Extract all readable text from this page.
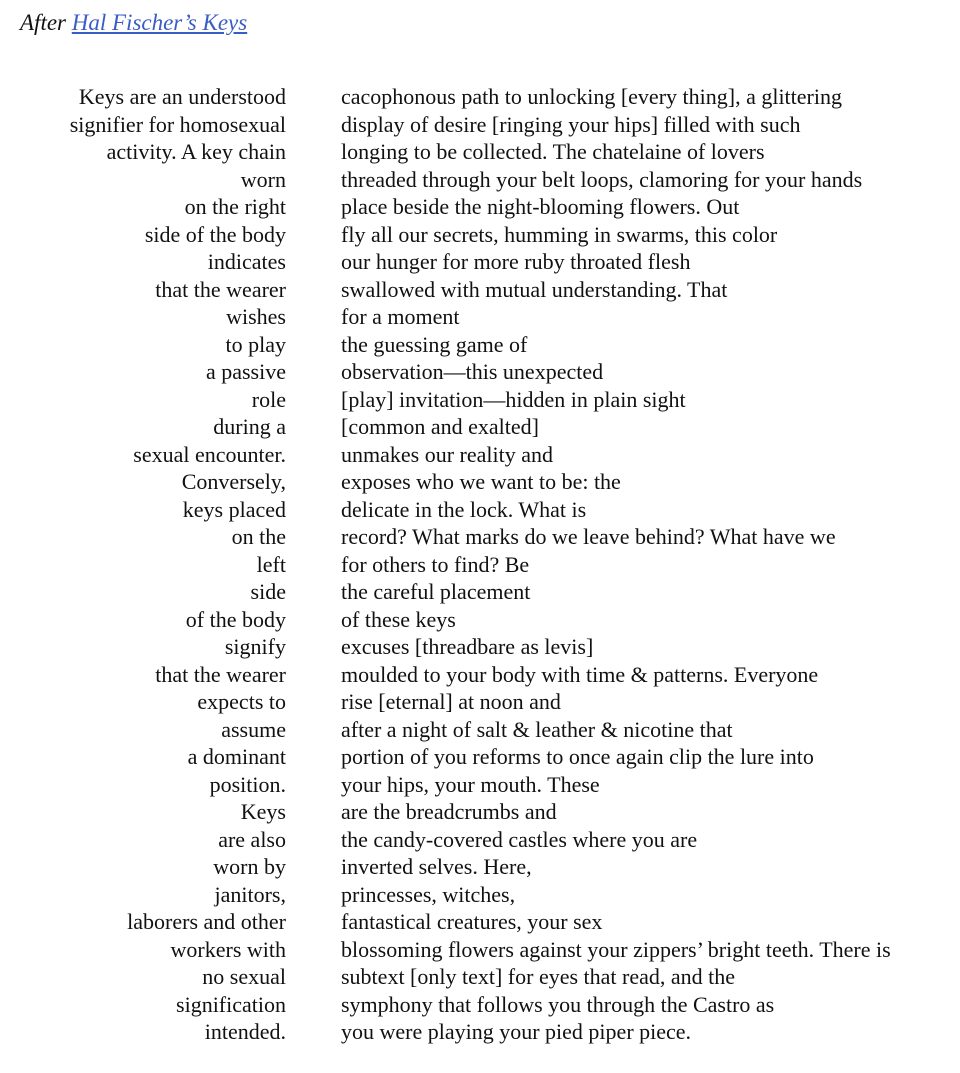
After Hal Fischer’s Keys
Keys are an understood	cacophonous path to unlocking [every thing], a glittering
signifier for homosexual	display of desire [ringing your hips] filled with such
activity. A key chain	longing to be collected. The chatelaine of lovers
worn	threaded through your belt loops, clamoring for your hands
on the right	place beside the night-blooming flowers. Out
side of the body	fly all our secrets, humming in swarms, this color
indicates	our hunger for more ruby throated flesh
that the wearer	swallowed with mutual understanding. That
wishes	for a moment
to play	the guessing game of
a passive	observation—this unexpected
role	[play] invitation—hidden in plain sight
during a	[common and exalted]
sexual encounter.	unmakes our reality and
Conversely,	exposes who we want to be: the
keys placed	delicate in the lock. What is
on the	record? What marks do we leave behind? What have we
left	for others to find? Be
side	the careful placement
of the body	of these keys
signify	excuses [threadbare as levis]
that the wearer	moulded to your body with time & patterns. Everyone
expects to	rise [eternal] at noon and
assume	after a night of salt & leather & nicotine that
a dominant	portion of you reforms to once again clip the lure into
position.	your hips, your mouth. These
Keys	are the breadcrumbs and
are also	the candy-covered castles where you are
worn by	inverted selves. Here,
janitors,	princesses, witches,
laborers and other	fantastical creatures, your sex
workers with	blossoming flowers against your zippers’ bright teeth. There is
no sexual	subtext [only text] for eyes that read, and the
signification	symphony that follows you through the Castro as
intended.	you were playing your pied piper piece.
